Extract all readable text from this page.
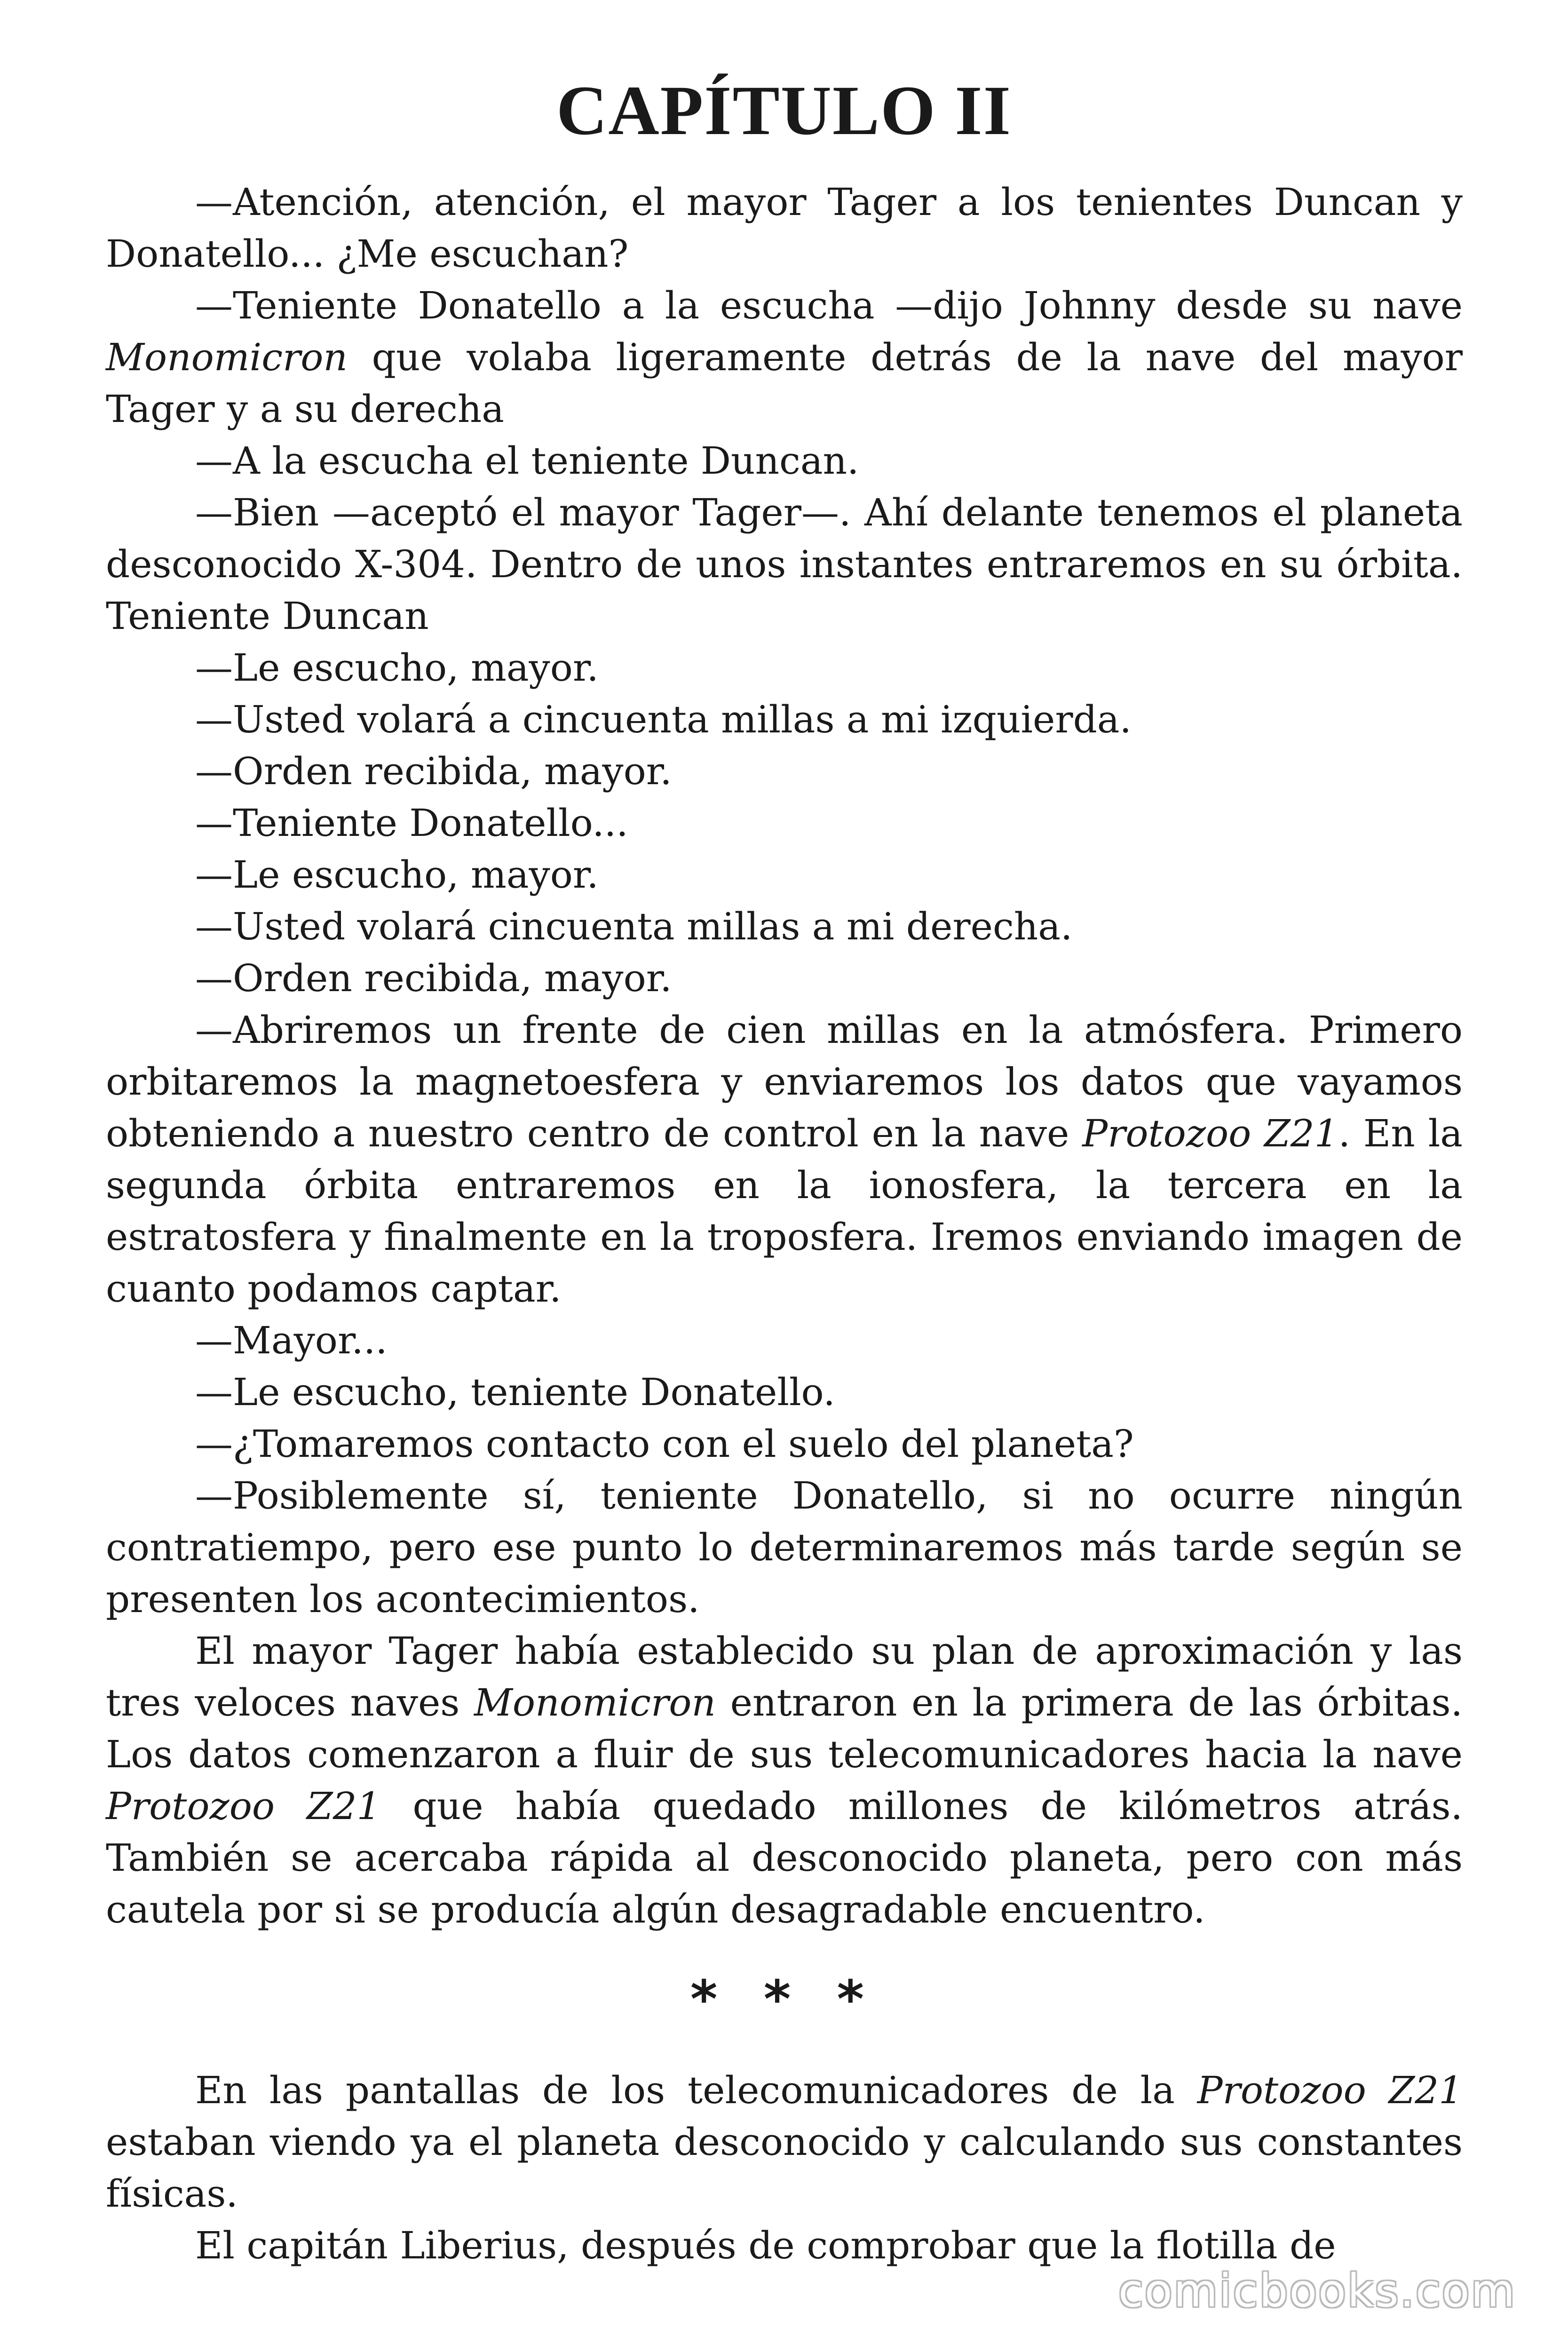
CAPÍTULO II

—Atención, atención, el mayor Tager a los tenientes Duncan y Donatello... ¿Me escuchan?

—Teniente Donatello a la escucha —dijo Johnny desde su nave Monomicron que volaba ligeramente detrás de la nave del mayor Tager y a su derecha

—A la escucha el teniente Duncan.

—Bien —aceptó el mayor Tager—. Ahí delante tenemos el planeta desconocido X-304. Dentro de unos instantes entraremos en su órbita. Teniente Duncan

—Le escucho, mayor.

—Usted volará a cincuenta millas a mi izquierda.

—Orden recibida, mayor.

—Teniente Donatello...

—Le escucho, mayor.

—Usted volará cincuenta millas a mi derecha.

—Orden recibida, mayor.

—Abriremos un frente de cien millas en la atmósfera. Primero orbitaremos la magnetoesfera y enviaremos los datos que vayamos obteniendo a nuestro centro de control en la nave Protozoo Z21. En la segunda órbita entraremos en la ionosfera, la tercera en la estratosfera y finalmente en la troposfera. Iremos enviando imagen de cuanto podamos captar.

—Mayor...

—Le escucho, teniente Donatello.

—¿Tomaremos contacto con el suelo del planeta?

—Posiblemente sí, teniente Donatello, si no ocurre ningún contratiempo, pero ese punto lo determinaremos más tarde según se presenten los acontecimientos.

El mayor Tager había establecido su plan de aproximación y las tres veloces naves Monomicron entraron en la primera de las órbitas. Los datos comenzaron a fluir de sus telecomunicadores hacia la nave Protozoo Z21 que había quedado millones de kilómetros atrás. También se acercaba rápida al desconocido planeta, pero con más cautela por si se producía algún desagradable encuentro.

* * *

En las pantallas de los telecomunicadores de la Protozoo Z21 estaban viendo ya el planeta desconocido y calculando sus constantes físicas.

El capitán Liberius, después de comprobar que la flotilla de

comicbooks.com
